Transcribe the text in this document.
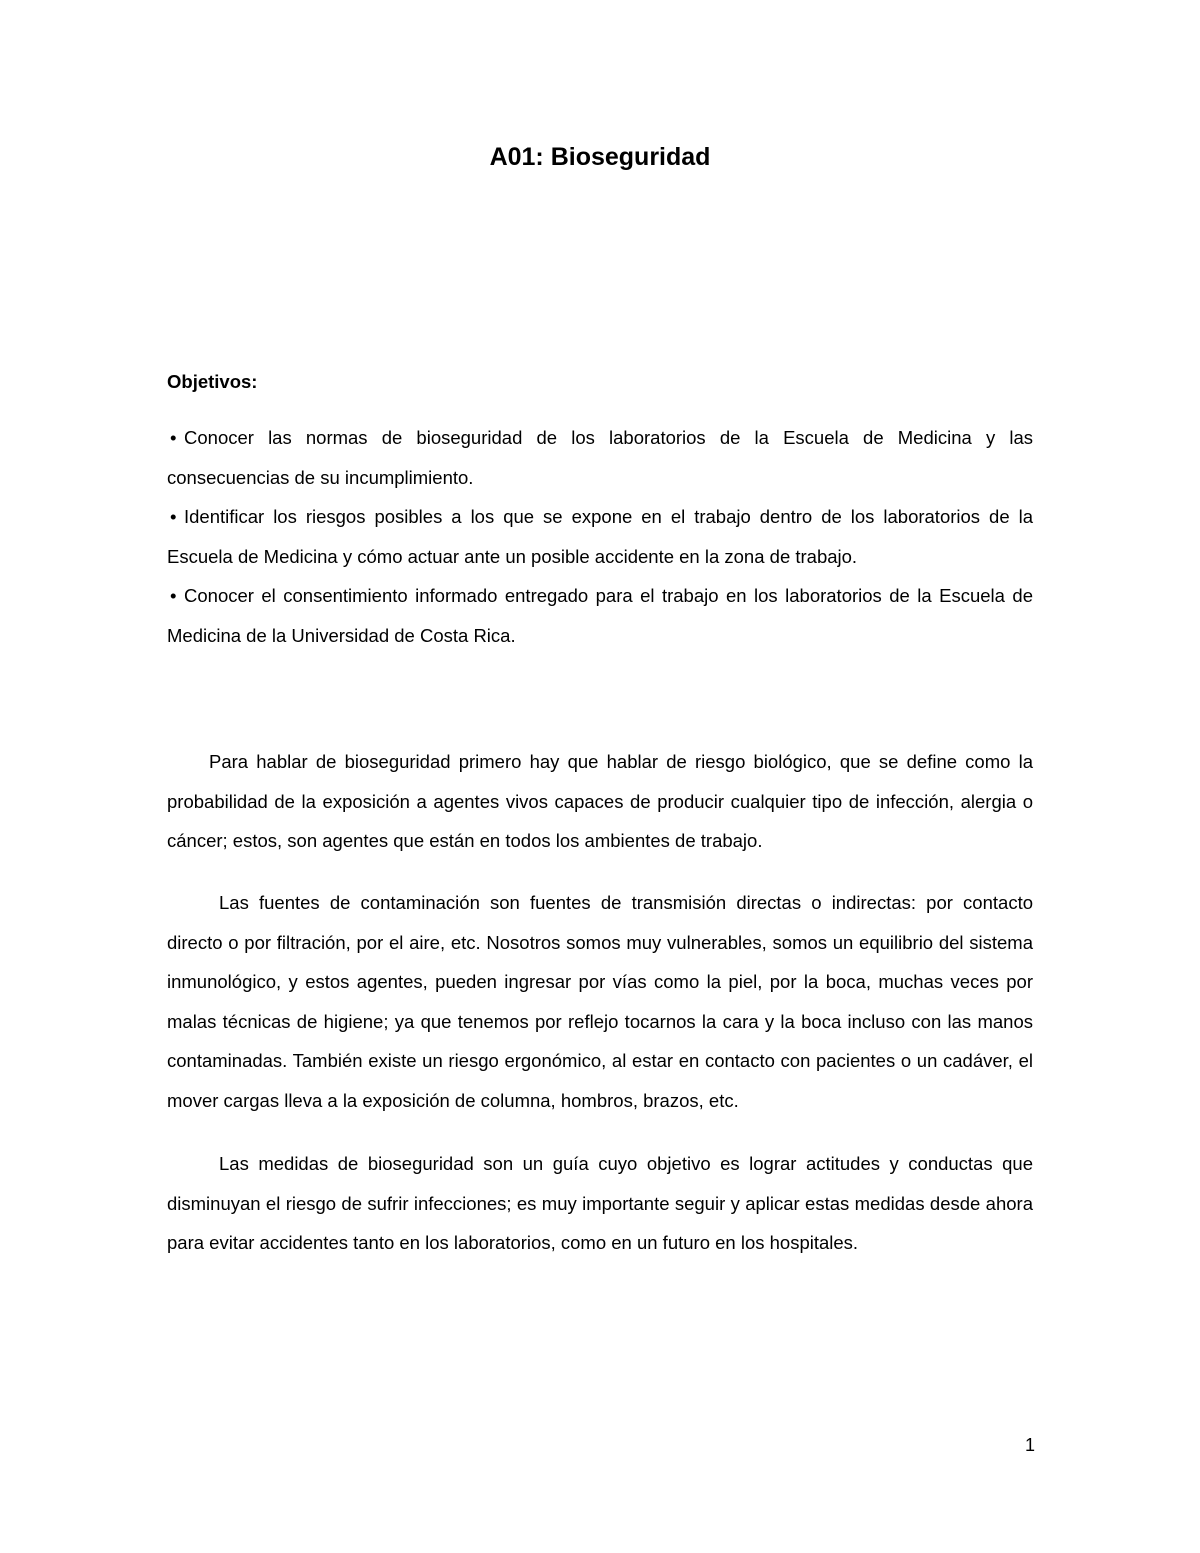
A01: Bioseguridad
Objetivos:
• Conocer las normas de bioseguridad de los laboratorios de la Escuela de Medicina y las consecuencias de su incumplimiento.
• Identificar los riesgos posibles a los que se expone en el trabajo dentro de los laboratorios de la Escuela de Medicina y cómo actuar ante un posible accidente en la zona de trabajo.
• Conocer el consentimiento informado entregado para el trabajo en los laboratorios de la Escuela de Medicina de la Universidad de Costa Rica.

Para hablar de bioseguridad primero hay que hablar de riesgo biológico, que se define como la probabilidad de la exposición a agentes vivos capaces de producir cualquier tipo de infección, alergia o cáncer; estos, son agentes que están en todos los ambientes de trabajo.

Las fuentes de contaminación son fuentes de transmisión directas o indirectas: por contacto directo o por filtración, por el aire, etc. Nosotros somos muy vulnerables, somos un equilibrio del sistema inmunológico, y estos agentes, pueden ingresar por vías como la piel, por la boca, muchas veces por malas técnicas de higiene; ya que tenemos por reflejo tocarnos la cara y la boca incluso con las manos contaminadas. También existe un riesgo ergonómico, al estar en contacto con pacientes o un cadáver, el mover cargas lleva a la exposición de columna, hombros, brazos, etc.

Las medidas de bioseguridad son un guía cuyo objetivo es lograr actitudes y conductas que disminuyan el riesgo de sufrir infecciones; es muy importante seguir y aplicar estas medidas desde ahora para evitar accidentes tanto en los laboratorios, como en un futuro en los hospitales.

1
